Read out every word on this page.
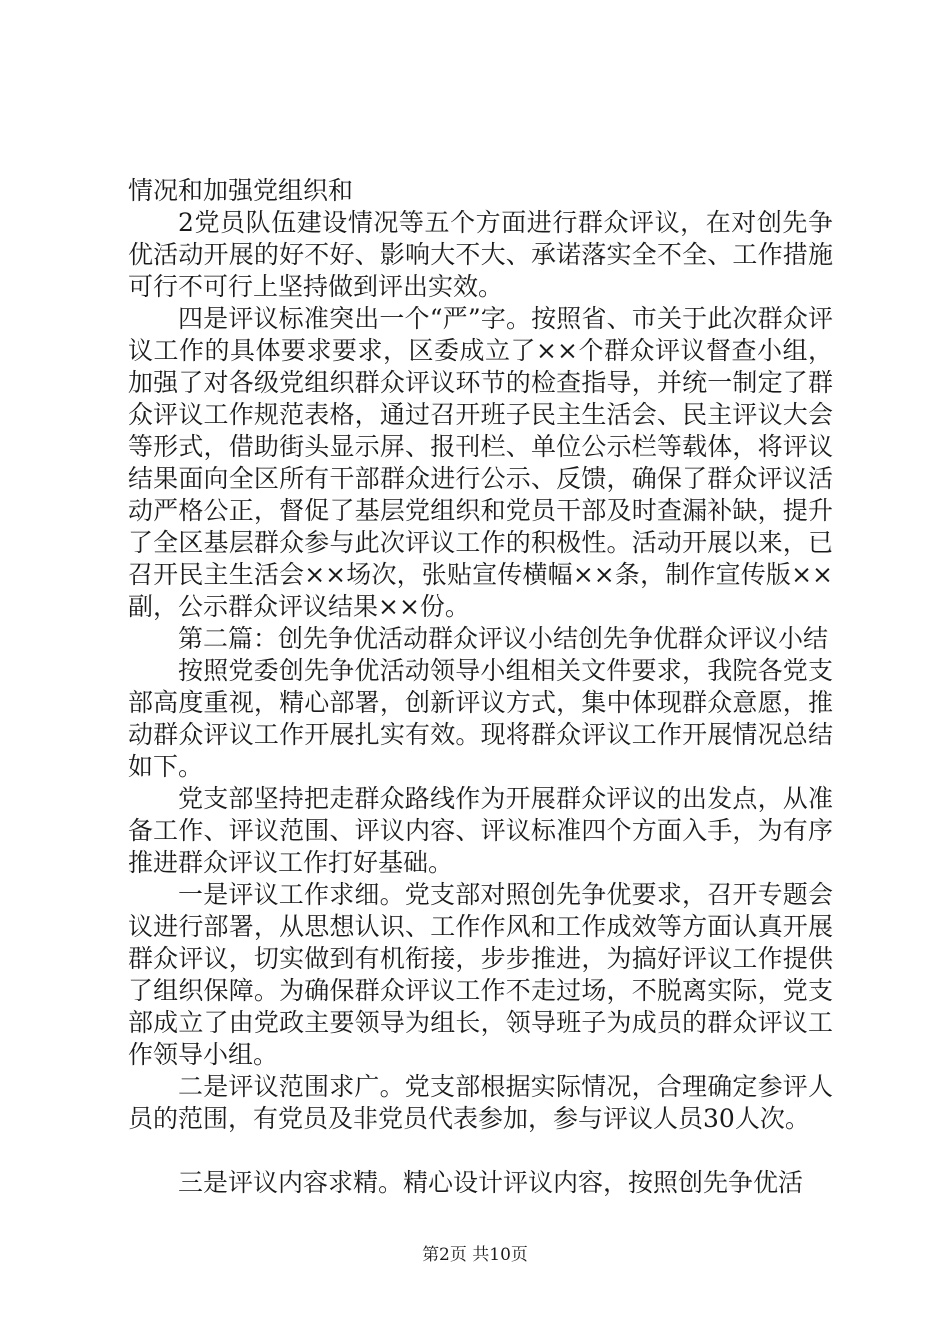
情况和加强党组织和

2党员队伍建设情况等五个方面进行群众评议，在对创先争优活动开展的好不好、影响大不大、承诺落实全不全、工作措施可行不可行上坚持做到评出实效。

四是评议标准突出一个“严”字。按照省、市关于此次群众评议工作的具体要求要求，区委成立了××个群众评议督查小组，加强了对各级党组织群众评议环节的检查指导，并统一制定了群众评议工作规范表格，通过召开班子民主生活会、民主评议大会等形式，借助街头显示屏、报刊栏、单位公示栏等载体，将评议结果面向全区所有干部群众进行公示、反馈，确保了群众评议活动严格公正，督促了基层党组织和党员干部及时查漏补缺，提升了全区基层群众参与此次评议工作的积极性。活动开展以来，已召开民主生活会××场次，张贴宣传横幅××条，制作宣传版××副，公示群众评议结果××份。

第二篇：创先争优活动群众评议小结创先争优群众评议小结

按照党委创先争优活动领导小组相关文件要求，我院各党支部高度重视，精心部署，创新评议方式，集中体现群众意愿，推动群众评议工作开展扎实有效。现将群众评议工作开展情况总结如下。

党支部坚持把走群众路线作为开展群众评议的出发点，从准备工作、评议范围、评议内容、评议标准四个方面入手，为有序推进群众评议工作打好基础。

一是评议工作求细。党支部对照创先争优要求，召开专题会议进行部署，从思想认识、工作作风和工作成效等方面认真开展群众评议，切实做到有机衔接，步步推进，为搞好评议工作提供了组织保障。为确保群众评议工作不走过场，不脱离实际，党支部成立了由党政主要领导为组长，领导班子为成员的群众评议工作领导小组。

二是评议范围求广。党支部根据实际情况，合理确定参评人员的范围，有党员及非党员代表参加，参与评议人员30人次。

三是评议内容求精。精心设计评议内容，按照创先争优活

第2页 共10页
